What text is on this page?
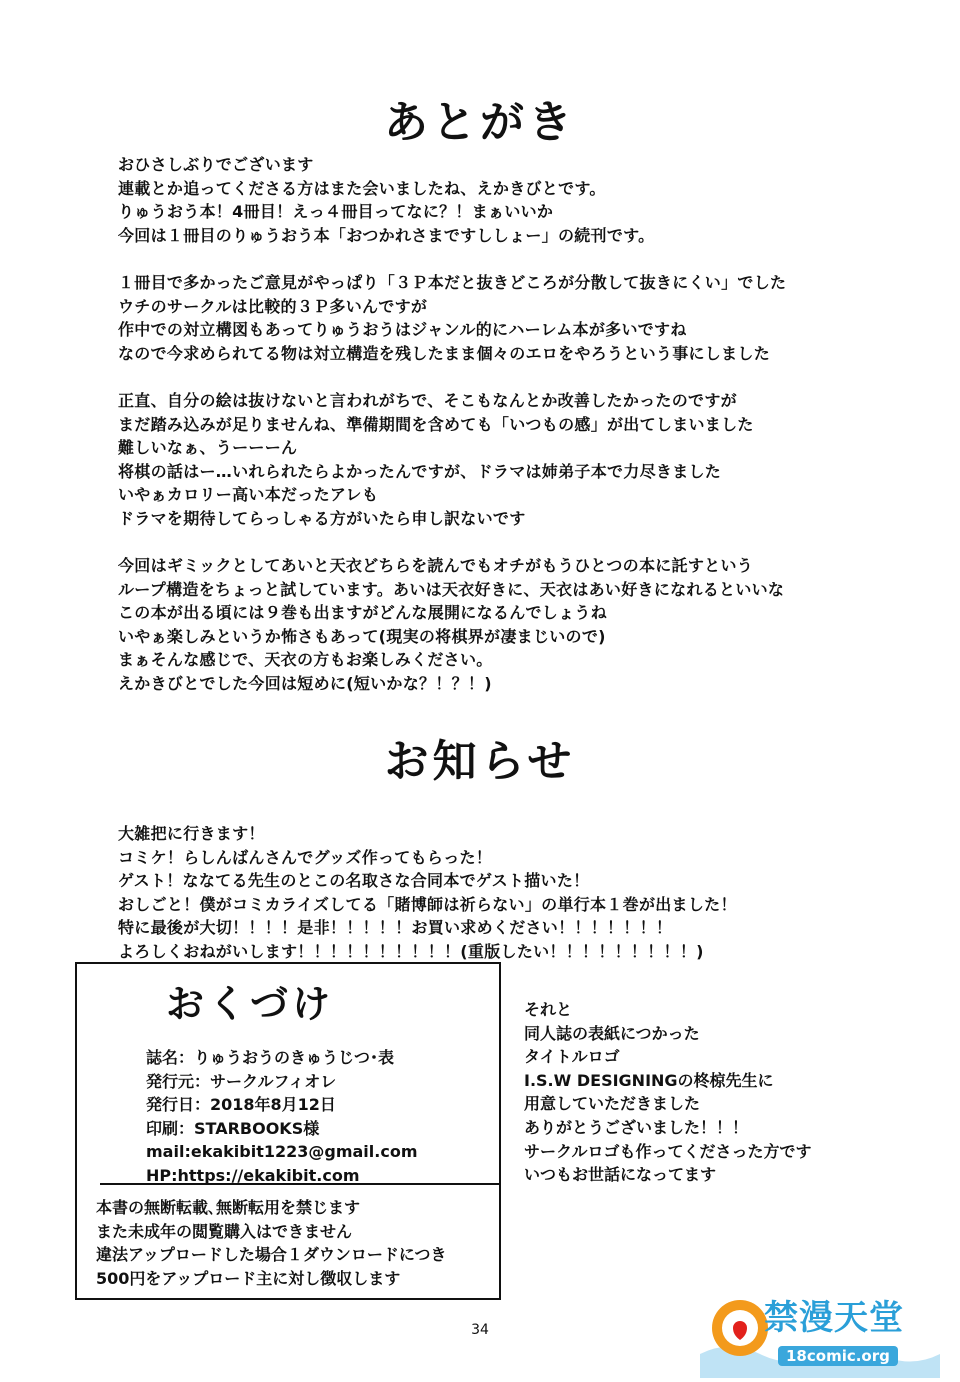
あとがき
おひさしぶりでございます
連載とか追ってくださる方はまた会いましたね、えかきびとです。
りゅうおう本！4冊目！えっ４冊目ってなに？！まぁいいか
今回は１冊目のりゅうおう本「おつかれさまですししょー」の続刊です。

１冊目で多かったご意見がやっぱり「３Ｐ本だと抜きどころが分散して抜きにくい」でした
ウチのサークルは比較的３Ｐ多いんですが
作中での対立構図もあってりゅうおうはジャンル的にハーレム本が多いですね
なので今求められてる物は対立構造を残したまま個々のエロをやろうという事にしました

正直、自分の絵は抜けないと言われがちで、そこもなんとか改善したかったのですが
まだ踏み込みが足りませんね、準備期間を含めても「いつもの感」が出てしまいました
難しいなぁ、うーーーん
将棋の話はー…いれられたらよかったんですが、ドラマは姉弟子本で力尽きました
いやぁカロリー高い本だったアレも
ドラマを期待してらっしゃる方がいたら申し訳ないです

今回はギミックとしてあいと天衣どちらを読んでもオチがもうひとつの本に託すという
ループ構造をちょっと試しています。あいは天衣好きに、天衣はあい好きになれるといいな
この本が出る頃には９巻も出ますがどんな展開になるんでしょうね
いやぁ楽しみというか怖さもあって(現実の将棋界が凄まじいので)
まぁそんな感じで、天衣の方もお楽しみください。
えかきびとでした今回は短めに(短いかな？！？！)
お知らせ
大雑把に行きます！
コミケ！らしんばんさんでグッズ作ってもらった！
ゲスト！ななてる先生のとこの名取さな合同本でゲスト描いた！
おしごと！僕がコミカライズしてる「賭博師は祈らない」の単行本１巻が出ました！
特に最後が大切！！！！是非！！！！！お買い求めください！！！！！！！
よろしくおねがいします！！！！！！！！！！(重版したい！！！！！！！！！)
おくづけ
誌名：りゅうおうのきゅうじつ･表
発行元：サークルフィオレ
発行日：2018年8月12日
印刷：STARBOOKS様
mail:ekakibit1223@gmail.com
HP:https://ekakibit.com
本書の無断転載､無断転用を禁じます
また未成年の閲覧購入はできません
違法アップロードした場合１ダウンロードにつき
500円をアップロード主に対し徴収します
それと
同人誌の表紙につかった
タイトルロゴ
I.S.W DESIGNINGの柊椋先生に
用意していただきました
ありがとうございました！！！
サークルロゴも作ってくださった方です
いつもお世話になってます
34	禁漫天堂
18comic.org
